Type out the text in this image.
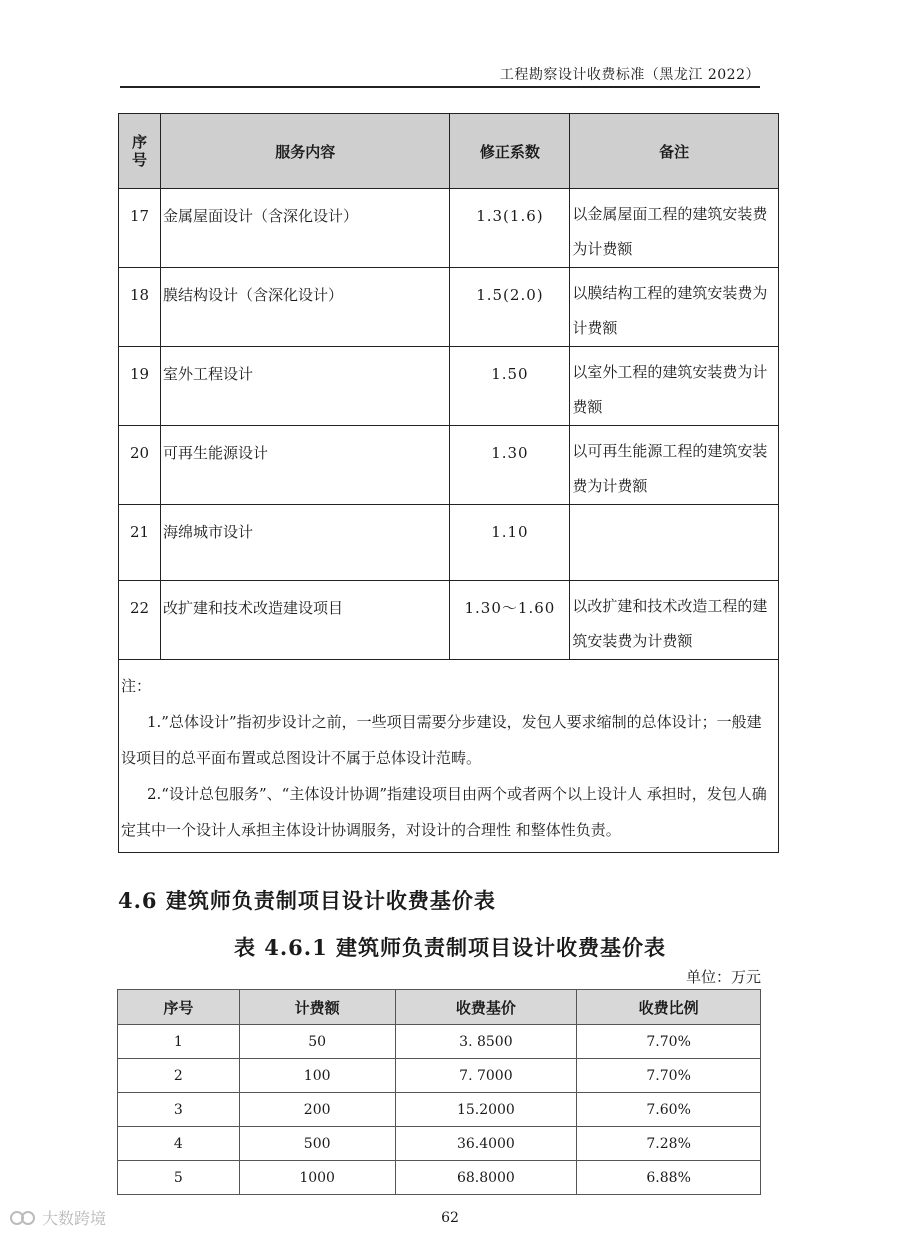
工程勘察设计收费标准（黑龙江 2022）
序号	服务内容	修正系数	备注
17	金属屋面设计（含深化设计）	1.3(1.6)	以金属屋面工程的建筑安装费为计费额
18	膜结构设计（含深化设计）	1.5(2.0)	以膜结构工程的建筑安装费为计费额
19	室外工程设计	1.50	以室外工程的建筑安装费为计费额
20	可再生能源设计	1.30	以可再生能源工程的建筑安装费为计费额
21	海绵城市设计	1.10	
22	改扩建和技术改造建设项目	1.30～1.60	以改扩建和技术改造工程的建筑安装费为计费额

注：

1.”总体设计”指初步设计之前，一些项目需要分步建设，发包人要求缩制的总体设计；一般建设项目的总平面布置或总图设计不属于总体设计范畴。

2.“设计总包服务”、“主体设计协调”指建设项目由两个或者两个以上设计人 承担时，发包人确定其中一个设计人承担主体设计协调服务，对设计的合理性 和整体性负责。			

4.6 建筑师负责制项目设计收费基价表
表 4.6.1 建筑师负责制项目设计收费基价表
单位：万元
序号	计费额	收费基价	收费比例
1	50	3. 8500	7.70%
2	100	7. 7000	7.70%
3	200	15.2000	7.60%
4	500	36.4000	7.28%
5	1000	68.8000	6.88%
62
大数跨境
